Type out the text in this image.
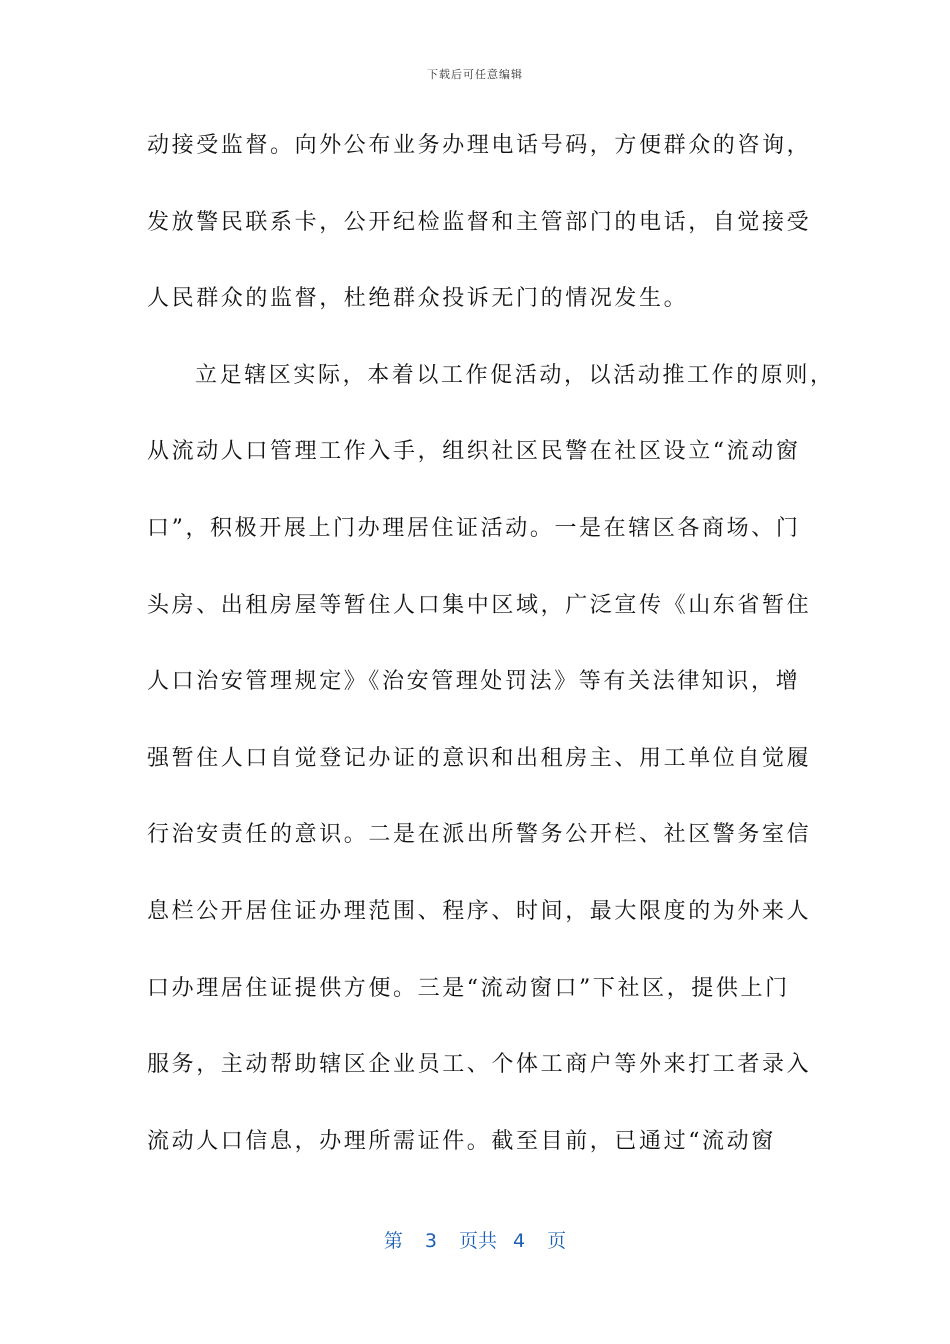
下载后可任意编辑
动接受监督。向外公布业务办理电话号码，方便群众的咨询，
发放警民联系卡，公开纪检监督和主管部门的电话，自觉接受
人民群众的监督，杜绝群众投诉无门的情况发生。
立足辖区实际，本着以工作促活动，以活动推工作的原则，
从流动人口管理工作入手，组织社区民警在社区设立“流动窗
口”，积极开展上门办理居住证活动。一是在辖区各商场、门
头房、出租房屋等暂住人口集中区域，广泛宣传《山东省暂住
人口治安管理规定》《治安管理处罚法》等有关法律知识，增
强暂住人口自觉登记办证的意识和出租房主、用工单位自觉履
行治安责任的意识。二是在派出所警务公开栏、社区警务室信
息栏公开居住证办理范围、程序、时间，最大限度的为外来人
口办理居住证提供方便。三是“流动窗口”下社区，提供上门
服务，主动帮助辖区企业员工、个体工商户等外来打工者录入
流动人口信息，办理所需证件。截至目前，已通过“流动窗
第 3 页共 4 页
